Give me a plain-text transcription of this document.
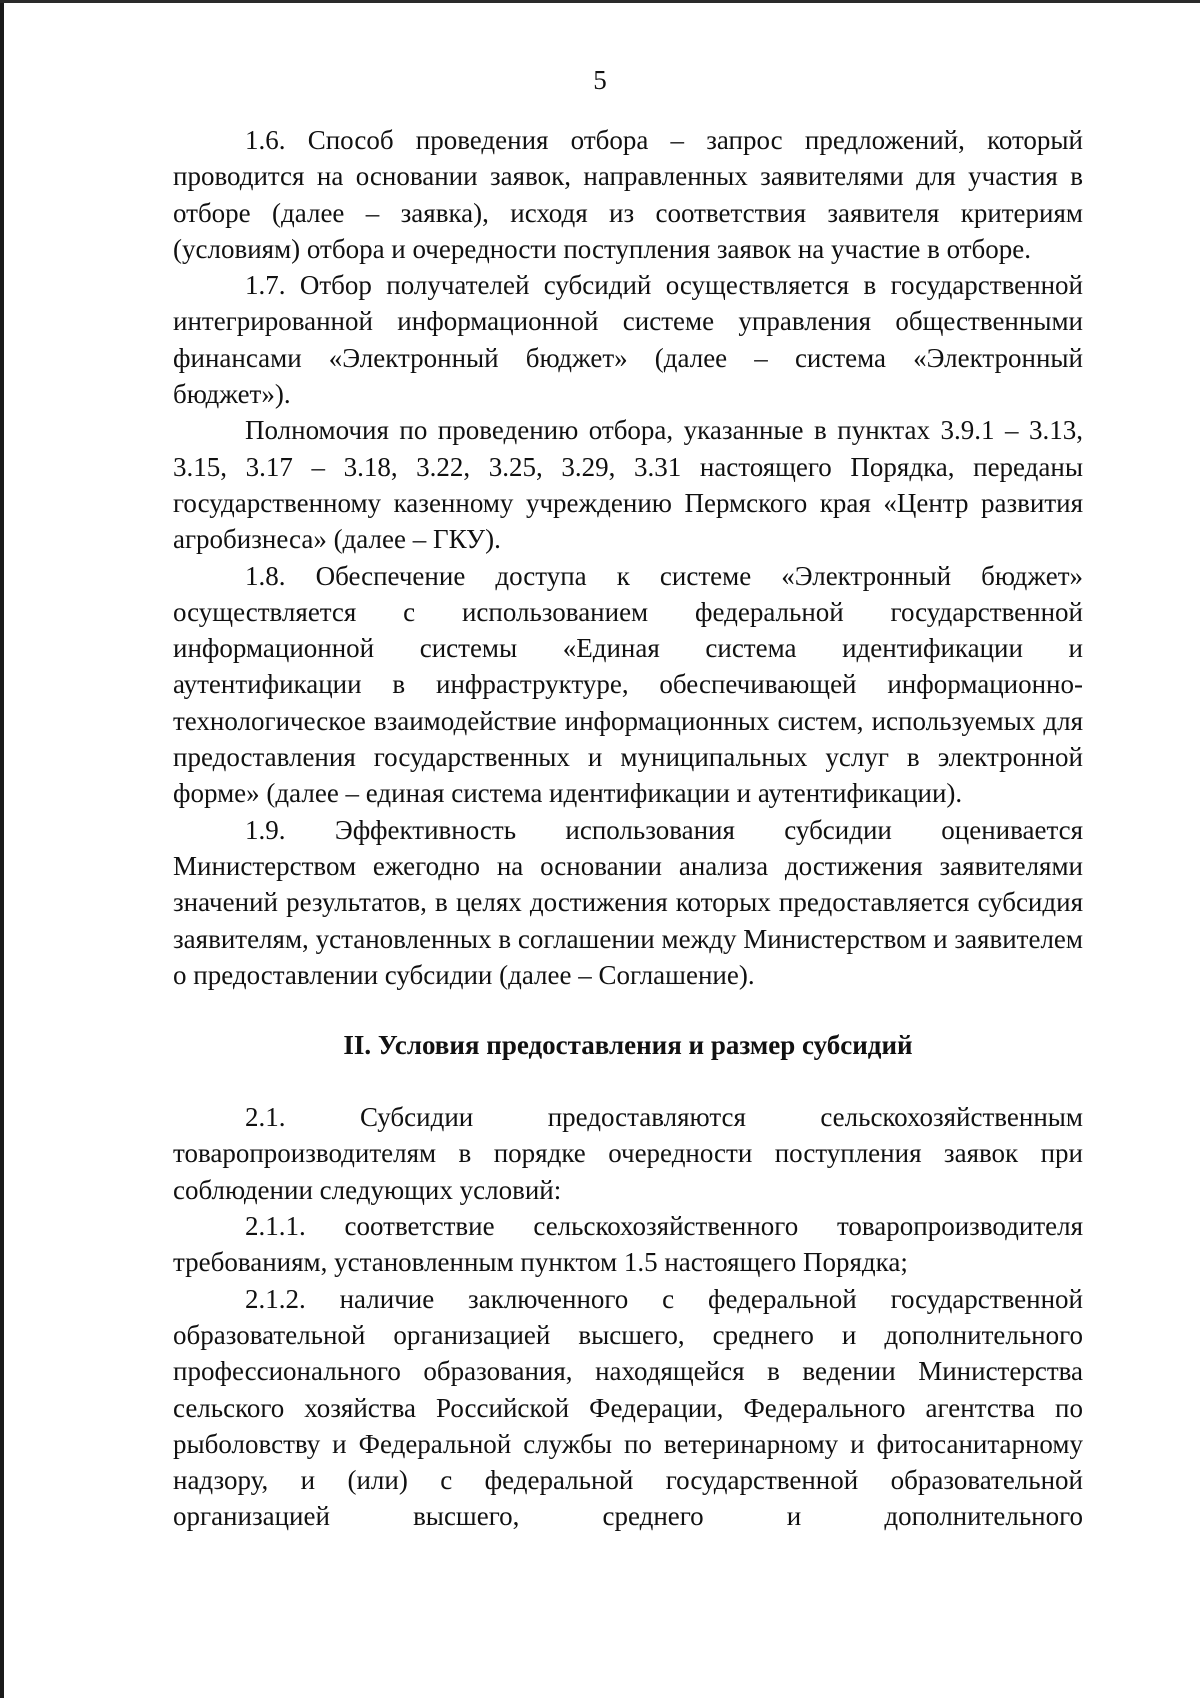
5

1.6. Способ проведения отбора – запрос предложений, который проводится на основании заявок, направленных заявителями для участия в отборе (далее – заявка), исходя из соответствия заявителя критериям (условиям) отбора и очередности поступления заявок на участие в отборе.

1.7. Отбор получателей субсидий осуществляется в государственной интегрированной информационной системе управления общественными финансами «Электронный бюджет» (далее – система «Электронный бюджет»).

Полномочия по проведению отбора, указанные в пунктах 3.9.1 – 3.13, 3.15, 3.17 – 3.18, 3.22, 3.25, 3.29, 3.31 настоящего Порядка, переданы государственному казенному учреждению Пермского края «Центр развития агробизнеса» (далее – ГКУ).

1.8. Обеспечение доступа к системе «Электронный бюджет» осуществляется с использованием федеральной государственной информационной системы «Единая система идентификации и аутентификации в инфраструктуре, обеспечивающей информационно-технологическое взаимодействие информационных систем, используемых для предоставления государственных и муниципальных услуг в электронной форме» (далее – единая система идентификации и аутентификации).

1.9. Эффективность использования субсидии оценивается Министерством ежегодно на основании анализа достижения заявителями значений результатов, в целях достижения которых предоставляется субсидия заявителям, установленных в соглашении между Министерством и заявителем о предоставлении субсидии (далее – Соглашение).

II. Условия предоставления и размер субсидий

2.1. Субсидии предоставляются сельскохозяйственным товаропроизводителям в порядке очередности поступления заявок при соблюдении следующих условий:

2.1.1. соответствие сельскохозяйственного товаропроизводителя требованиям, установленным пунктом 1.5 настоящего Порядка;

2.1.2. наличие заключенного с федеральной государственной образовательной организацией высшего, среднего и дополнительного профессионального образования, находящейся в ведении Министерства сельского хозяйства Российской Федерации, Федерального агентства по рыболовству и Федеральной службы по ветеринарному и фитосанитарному надзору, и (или) с федеральной государственной образовательной организацией высшего, среднего и дополнительного
